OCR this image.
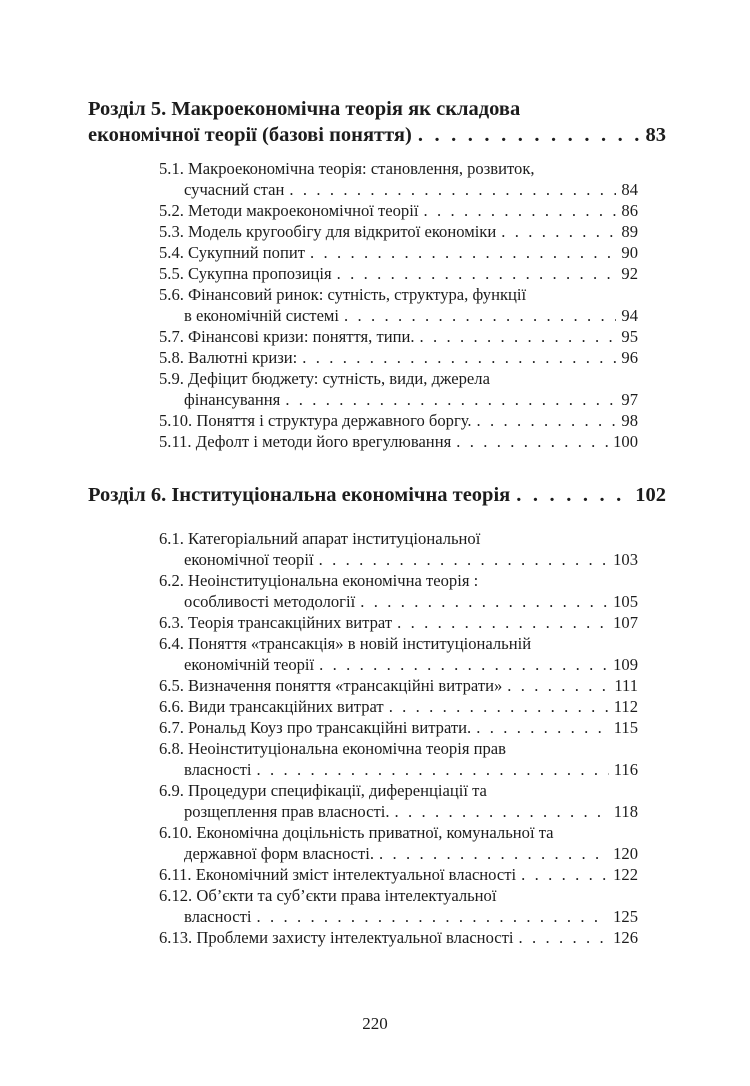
Розділ 5. Макроекономічна теорія як складова
економічної теорії (базові поняття) . . .	83
5.1. Макроекономічна теорія: становлення, розвиток,
сучасний стан . . .	84
5.2. Методи макроекономічної теорії . . .	86
5.3. Модель кругообігу для відкритої економіки . . .	89
5.4. Сукупний попит . . .	90
5.5. Сукупна пропозиція . . .	92
5.6. Фінансовий ринок: сутність, структура, функції
в економічній системі . . .	94
5.7. Фінансові кризи: поняття, типи. . . .	95
5.8. Валютні кризи: . . .	96
5.9. Дефіцит бюджету: сутність, види, джерела
фінансування . . .	97
5.10. Поняття і структура державного боргу. . . .	98
5.11. Дефолт і методи його врегулювання . . .	100
Розділ 6. Інституціональна економічна теорія . . .	102
6.1. Категоріальний апарат інституціональної
економічної теорії . . .	103
6.2. Неоінституціональна економічна теорія :
особливості методології . . .	105
6.3. Теорія трансакційних витрат . . .	107
6.4. Поняття «трансакція» в новій інституціональній
економічній теорії . . .	109
6.5. Визначення поняття «трансакційні витрати» . . .	111
6.6. Види трансакційних витрат . . .	112
6.7. Рональд Коуз про трансакційні витрати. . . .	115
6.8. Неоінституціональна економічна теорія прав
власності . . .	116
6.9. Процедури специфікації, диференціації та
розщеплення прав власності. . . .	118
6.10. Економічна доцільність приватної, комунальної та
державної форм власності. . . .	120
6.11. Економічний зміст інтелектуальної власності . . .	122
6.12. Об’єкти та суб’єкти права інтелектуальної
власності . . .	125
6.13. Проблеми захисту інтелектуальної власності . . .	126
220
